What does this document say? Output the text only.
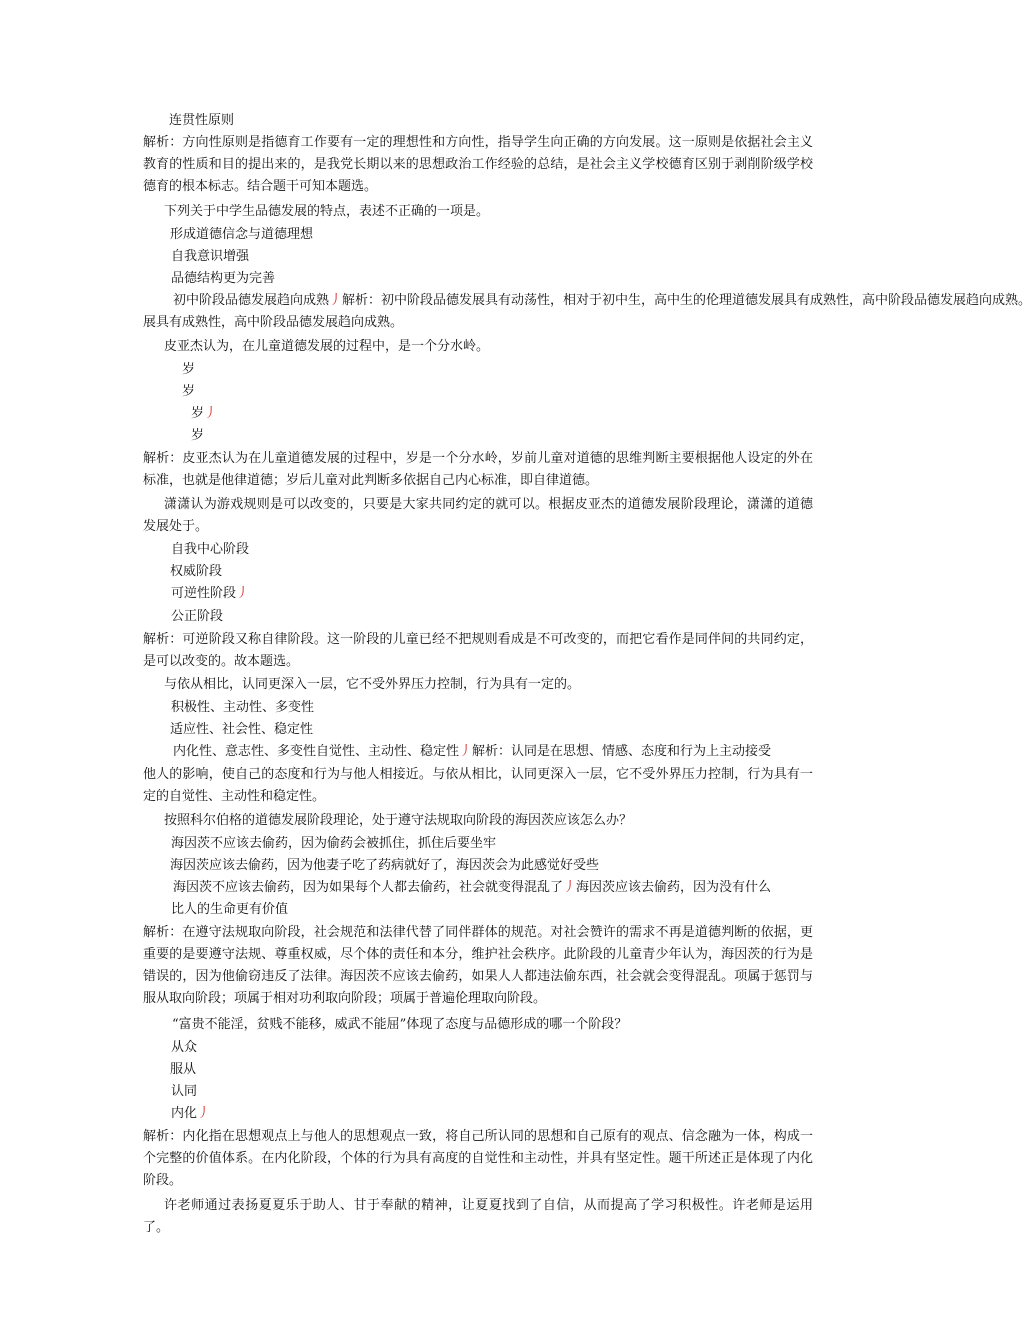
连贯性原则
解析：方向性原则是指德育工作要有一定的理想性和方向性，指导学生向正确的方向发展。这一原则是依据社会主义教育的性质和目的提出来的，是我党长期以来的思想政治工作经验的总结，是社会主义学校德育区别于剥削阶级学校德育的根本标志。结合题干可知本题选。
下列关于中学生品德发展的特点，表述不正确的一项是。
形成道德信念与道德理想
自我意识增强
品德结构更为完善
初中阶段品德发展趋向成熟丿解析：初中阶段品德发展具有动荡性，相对于初中生，高中生的伦理道德发展具有成熟性，高中阶段品德发展趋向成熟。
展具有成熟性，高中阶段品德发展趋向成熟。
皮亚杰认为，在儿童道德发展的过程中，是一个分水岭。
岁
岁
岁丿
岁
解析：皮亚杰认为在儿童道德发展的过程中，岁是一个分水岭，岁前儿童对道德的思维判断主要根据他人设定的外在标准，也就是他律道德；岁后儿童对此判断多依据自己内心标准，即自律道德。
潇潇认为游戏规则是可以改变的，只要是大家共同约定的就可以。根据皮亚杰的道德发展阶段理论，潇潇的道德发展处于。
自我中心阶段
权威阶段
可逆性阶段丿
公正阶段
解析：可逆阶段又称自律阶段。这一阶段的儿童已经不把规则看成是不可改变的，而把它看作是同伴间的共同约定，是可以改变的。故本题选。
与依从相比，认同更深入一层，它不受外界压力控制，行为具有一定的。
积极性、主动性、多变性
适应性、社会性、稳定性
内化性、意志性、多变性自觉性、主动性、稳定性丿解析：认同是在思想、情感、态度和行为上主动接受
他人的影响，使自己的态度和行为与他人相接近。与依从相比，认同更深入一层，它不受外界压力控制，行为具有一定的自觉性、主动性和稳定性。
按照科尔伯格的道德发展阶段理论，处于遵守法规取向阶段的海因茨应该怎么办？
海因茨不应该去偷药，因为偷药会被抓住，抓住后要坐牢
海因茨应该去偷药，因为他妻子吃了药病就好了，海因茨会为此感觉好受些
海因茨不应该去偷药，因为如果每个人都去偷药，社会就变得混乱了丿海因茨应该去偷药，因为没有什么
比人的生命更有价值
解析：在遵守法规取向阶段，社会规范和法律代替了同伴群体的规范。对社会赞许的需求不再是道德判断的依据，更重要的是要遵守法规、尊重权威，尽个体的责任和本分，维护社会秩序。此阶段的儿童青少年认为，海因茨的行为是错误的，因为他偷窃违反了法律。海因茨不应该去偷药，如果人人都违法偷东西，社会就会变得混乱。项属于惩罚与服从取向阶段；项属于相对功利取向阶段；项属于普遍伦理取向阶段。
“富贵不能淫，贫贱不能移，威武不能屈”体现了态度与品德形成的哪一个阶段？
从众
服从
认同
内化丿
解析：内化指在思想观点上与他人的思想观点一致，将自己所认同的思想和自己原有的观点、信念融为一体，构成一个完整的价值体系。在内化阶段，个体的行为具有高度的自觉性和主动性，并具有坚定性。题干所述正是体现了内化阶段。
许老师通过表扬夏夏乐于助人、甘于奉献的精神，让夏夏找到了自信，从而提高了学习积极性。许老师是运用了。
